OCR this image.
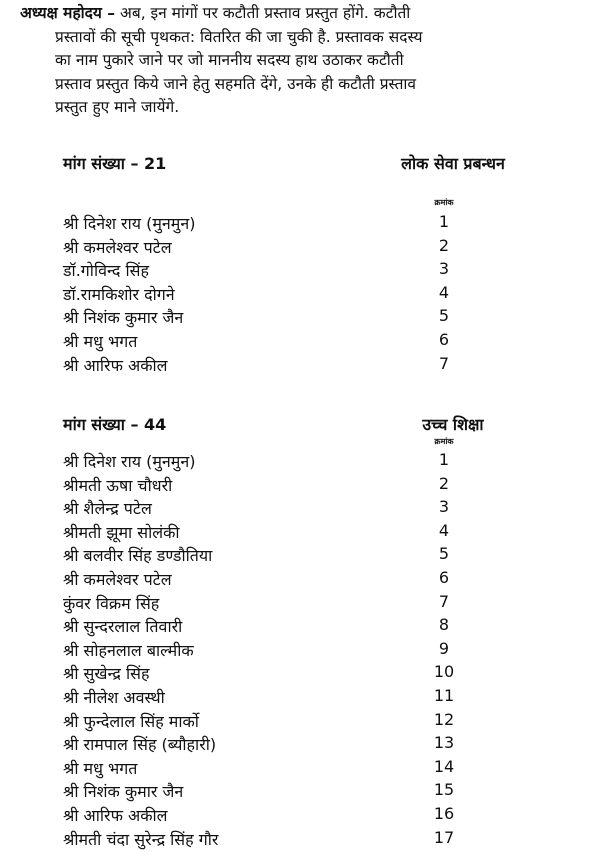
अध्यक्ष महोदय – अब, इन मांगों पर कटौती प्रस्ताव प्रस्तुत होंगे. कटौती
प्रस्तावों की सूची पृथकत: वितरित की जा चुकी है. प्रस्तावक सदस्य
का नाम पुकारे जाने पर जो माननीय सदस्य हाथ उठाकर कटौती
प्रस्ताव प्रस्तुत किये जाने हेतु सहमति देंगे, उनके ही कटौती प्रस्ताव
प्रस्तुत हुए माने जायेंगे.
मांग संख्या – 21	लोक सेवा प्रबन्धन
क्रमांक
श्री दिनेश राय (मुनमुन)	1
श्री कमलेश्वर पटेल	2
डॉ.गोविन्द सिंह	3
डॉ.रामकिशोर दोगने	4
श्री निशंक कुमार जैन	5
श्री मधु भगत	6
श्री आरिफ अकील	7
मांग संख्या – 44	उच्च शिक्षा
क्रमांक
श्री दिनेश राय (मुनमुन)	1
श्रीमती ऊषा चौधरी	2
श्री शैलेन्द्र पटेल	3
श्रीमती झूमा सोलंकी	4
श्री बलवीर सिंह डण्डौतिया	5
श्री कमलेश्वर पटेल	6
कुंवर विक्रम सिंह	7
श्री सुन्दरलाल तिवारी	8
श्री सोहनलाल बाल्मीक	9
श्री सुखेन्द्र सिंह	10
श्री नीलेश अवस्थी	11
श्री फुन्देलाल सिंह मार्को	12
श्री रामपाल सिंह (ब्यौहारी)	13
श्री मधु भगत	14
श्री निशंक कुमार जैन	15
श्री आरिफ अकील	16
श्रीमती चंदा सुरेन्द्र सिंह गौर	17
